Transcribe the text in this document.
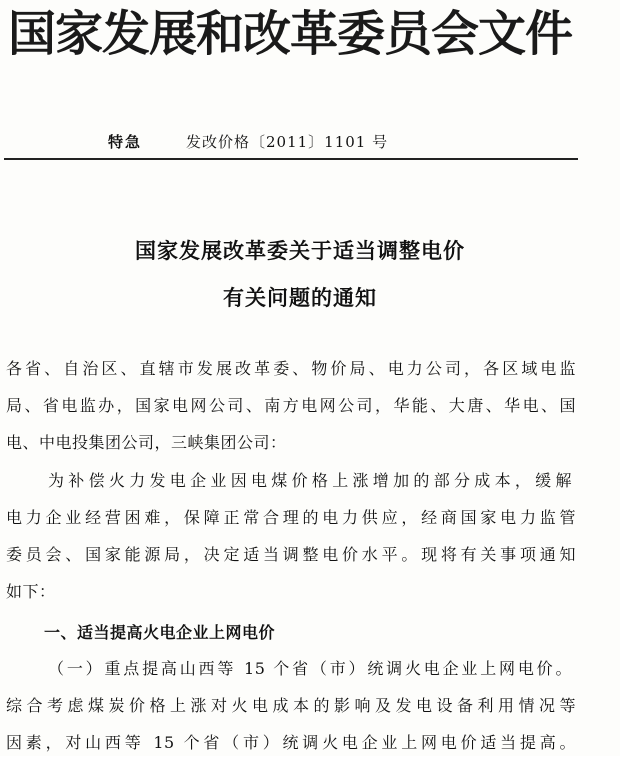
国家发展和改革委员会文件
特急	发改价格〔2011〕1101 号
国家发展改革委关于适当调整电价
有关问题的通知
各省、自治区、直辖市发展改革委、物价局、电力公司，各区域电监
局、省电监办，国家电网公司、南方电网公司，华能、大唐、华电、国
电、中电投集团公司，三峡集团公司：
为补偿火力发电企业因电煤价格上涨增加的部分成本，缓解
电力企业经营困难，保障正常合理的电力供应，经商国家电力监管
委员会、国家能源局，决定适当调整电价水平。现将有关事项通知
如下：
一、适当提高火电企业上网电价
（一）重点提高山西等 15 个省（市）统调火电企业上网电价。
综合考虑煤炭价格上涨对火电成本的影响及发电设备利用情况等
因素，对山西等 15 个省（市）统调火电企业上网电价适当提高。
